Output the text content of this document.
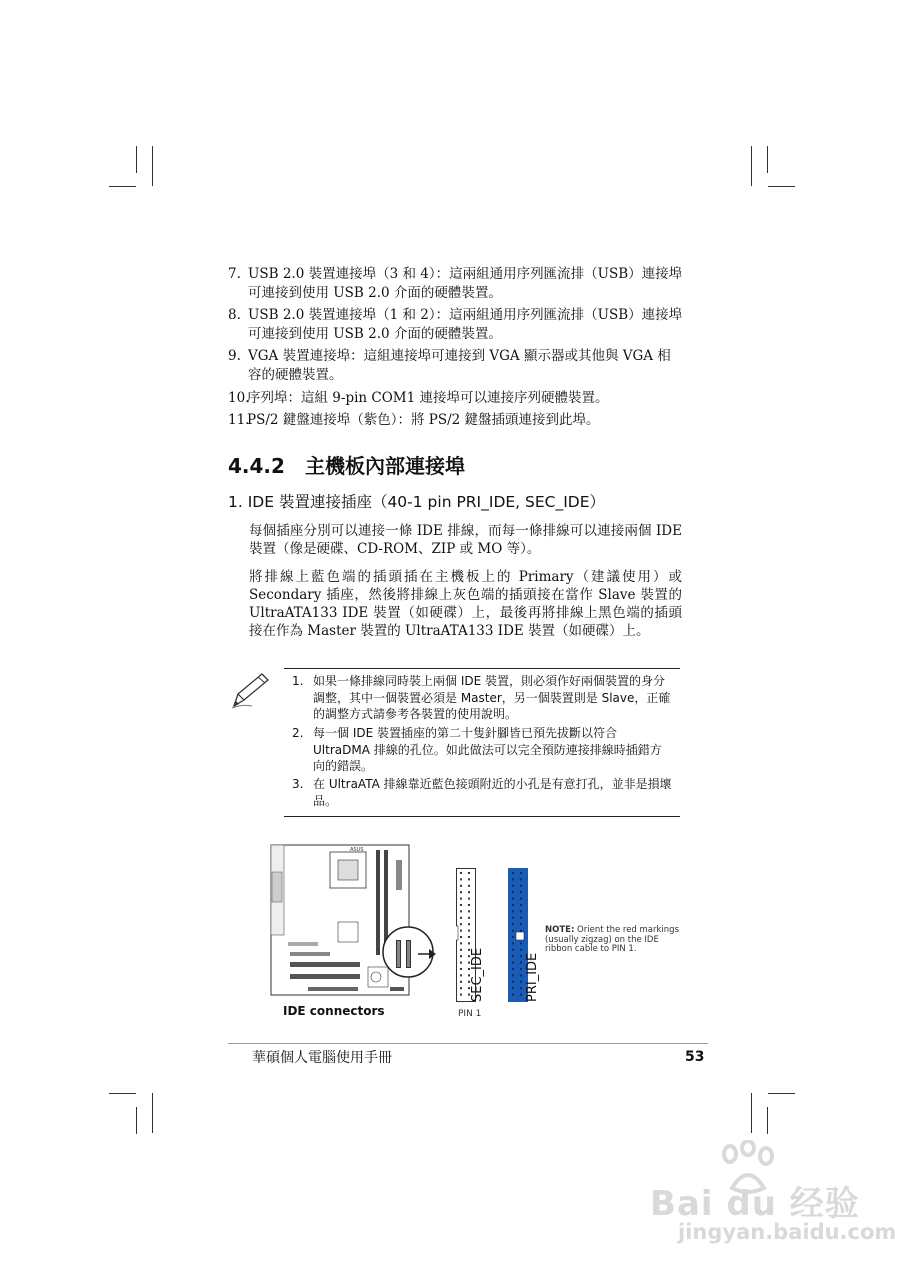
7. USB 2.0 裝置連接埠（3 和 4）：這兩組通用序列匯流排（USB）連接埠可連接到使用 USB 2.0 介面的硬體裝置。
8. USB 2.0 裝置連接埠（1 和 2）：這兩組通用序列匯流排（USB）連接埠可連接到使用 USB 2.0 介面的硬體裝置。
9. VGA 裝置連接埠：這組連接埠可連接到 VGA 顯示器或其他與 VGA 相容的硬體裝置。
10.
序列埠：這組 9-pin COM1 連接埠可以連接序列硬體裝置。
11.
PS/2 鍵盤連接埠（紫色）：將 PS/2 鍵盤插頭連接到此埠。
4.4.2　主機板內部連接埠
1. IDE 裝置連接插座（40-1 pin PRI_IDE, SEC_IDE）
每個插座分別可以連接一條 IDE 排線，而每一條排線可以連接兩個 IDE 裝置（像是硬碟、CD-ROM、ZIP 或 MO 等）。
將排線上藍色端的插頭插在主機板上的 Primary（建議使用）或 Secondary 插座，然後將排線上灰色端的插頭接在當作 Slave 裝置的 UltraATA133 IDE 裝置（如硬碟）上，最後再將排線上黑色端的插頭接在作為 Master 裝置的 UltraATA133 IDE 裝置（如硬碟）上。
1. 如果一條排線同時裝上兩個 IDE 裝置，則必須作好兩個裝置的身分調整，其中一個裝置必須是 Master，另一個裝置則是 Slave，正確的調整方式請參考各裝置的使用說明。
2. 每一個 IDE 裝置插座的第二十隻針腳皆已預先拔斷以符合 UltraDMA 排線的孔位。如此做法可以完全預防連接排線時插錯方向的錯誤。
3. 在 UltraATA 排線靠近藍色接頭附近的小孔是有意打孔，並非是損壞品。
ASUS
SEC_IDE	PRI_IDE
PIN 1
NOTE: Orient the red markings (usually zigzag) on the IDE ribbon cable to PIN 1.
IDE connectors
華碩個人電腦使用手冊	53
Bai du 经验
jingyan.baidu.com
